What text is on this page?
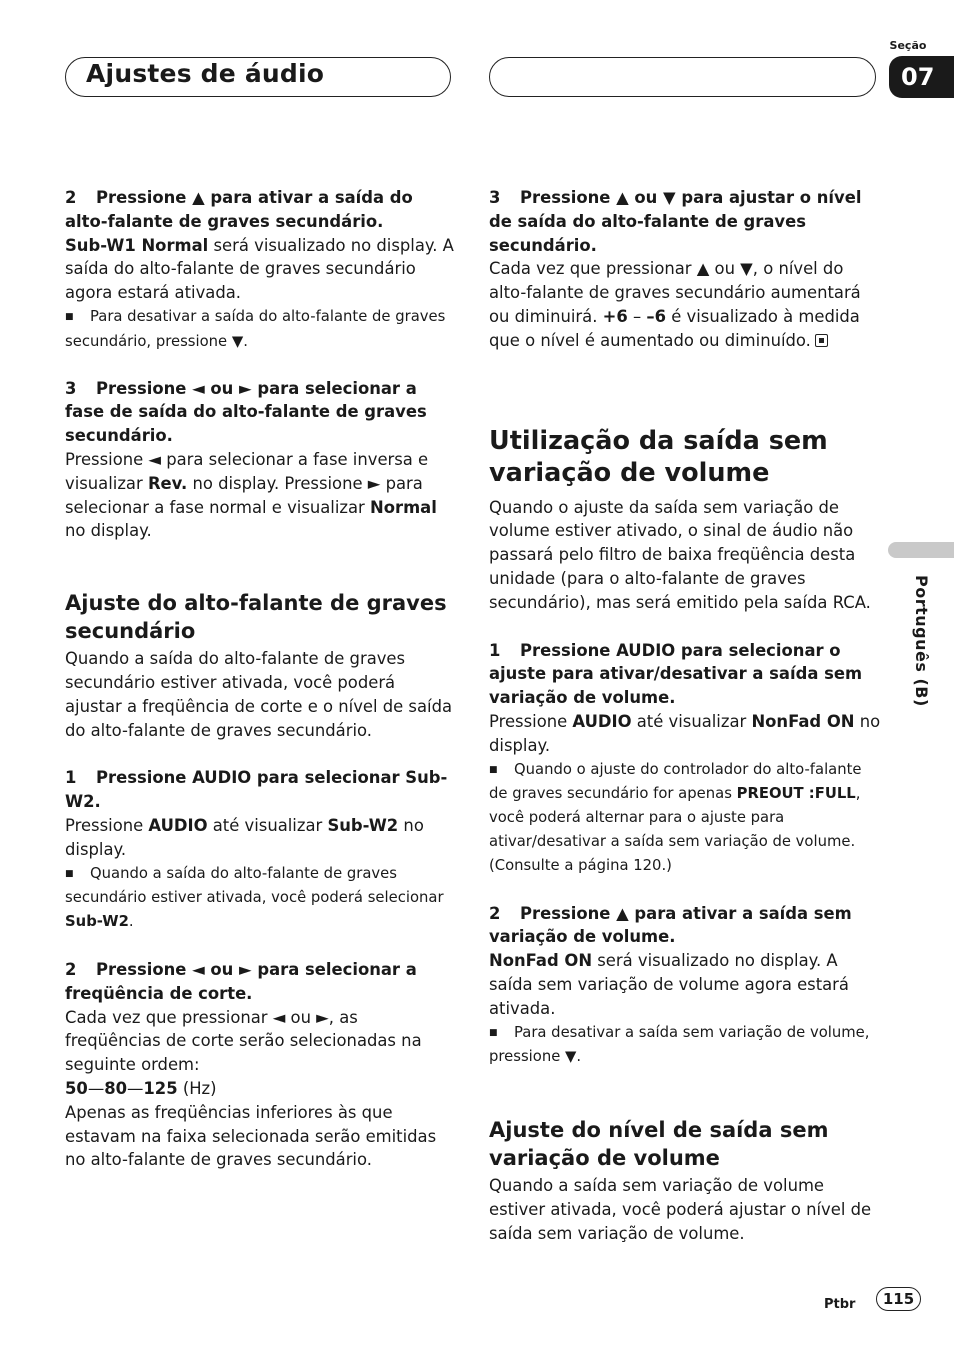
Ajustes de áudio
Seção
07
Português (B)

2 Pressione ▲ para ativar a saída do alto-falante de graves secundário.

Sub-W1 Normal será visualizado no display. A saída do alto-falante de graves secundário agora estará ativada.

■ Para desativar a saída do alto-falante de graves secundário, pressione ▼.

3 Pressione ◄ ou ► para selecionar a fase de saída do alto-falante de graves secundário.

Pressione ◄ para selecionar a fase inversa e visualizar Rev. no display. Pressione ► para selecionar a fase normal e visualizar Normal no display.

Ajuste do alto-falante de graves secundário

Quando a saída do alto-falante de graves secundário estiver ativada, você poderá ajustar a freqüência de corte e o nível de saída do alto-falante de graves secundário.

1 Pressione AUDIO para selecionar Sub-W2.

Pressione AUDIO até visualizar Sub-W2 no display.

■ Quando a saída do alto-falante de graves secundário estiver ativada, você poderá selecionar Sub-W2.

2 Pressione ◄ ou ► para selecionar a freqüência de corte.

Cada vez que pressionar ◄ ou ►, as freqüências de corte serão selecionadas na seguinte ordem:

50—80—125 (Hz)

Apenas as freqüências inferiores às que estavam na faixa selecionada serão emitidas no alto-falante de graves secundário.

3 Pressione ▲ ou ▼ para ajustar o nível de saída do alto-falante de graves secundário.

Cada vez que pressionar ▲ ou ▼, o nível do alto-falante de graves secundário aumentará ou diminuirá. +6 – –6 é visualizado à medida que o nível é aumentado ou diminuído.

Utilização da saída sem variação de volume

Quando o ajuste da saída sem variação de volume estiver ativado, o sinal de áudio não passará pelo filtro de baixa freqüência desta unidade (para o alto-falante de graves secundário), mas será emitido pela saída RCA.

1 Pressione AUDIO para selecionar o ajuste para ativar/desativar a saída sem variação de volume.

Pressione AUDIO até visualizar NonFad ON no display.

■ Quando o ajuste do controlador do alto-falante de graves secundário for apenas PREOUT :FULL, você poderá alternar para o ajuste para ativar/desativar a saída sem variação de volume. (Consulte a página 120.)

2 Pressione ▲ para ativar a saída sem variação de volume.

NonFad ON será visualizado no display. A saída sem variação de volume agora estará ativada.

■ Para desativar a saída sem variação de volume, pressione ▼.

Ajuste do nível de saída sem variação de volume

Quando a saída sem variação de volume estiver ativada, você poderá ajustar o nível de saída sem variação de volume.

Ptbr	115
